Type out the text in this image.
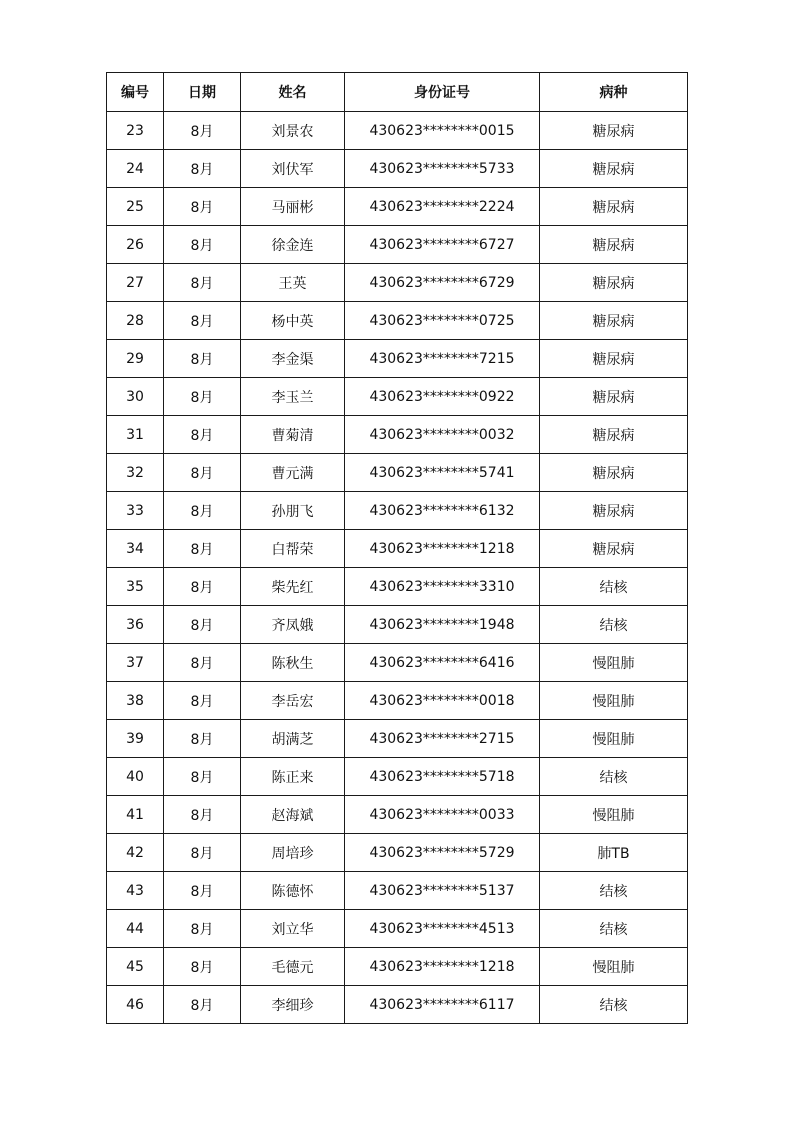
编号	日期	姓名	身份证号	病种
23	8月	刘景农	430623********0015	糖尿病
24	8月	刘伏军	430623********5733	糖尿病
25	8月	马丽彬	430623********2224	糖尿病
26	8月	徐金连	430623********6727	糖尿病
27	8月	王英	430623********6729	糖尿病
28	8月	杨中英	430623********0725	糖尿病
29	8月	李金渠	430623********7215	糖尿病
30	8月	李玉兰	430623********0922	糖尿病
31	8月	曹菊清	430623********0032	糖尿病
32	8月	曹元满	430623********5741	糖尿病
33	8月	孙朋飞	430623********6132	糖尿病
34	8月	白帮荣	430623********1218	糖尿病
35	8月	柴先红	430623********3310	结核
36	8月	齐凤娥	430623********1948	结核
37	8月	陈秋生	430623********6416	慢阻肺
38	8月	李岳宏	430623********0018	慢阻肺
39	8月	胡满芝	430623********2715	慢阻肺
40	8月	陈正来	430623********5718	结核
41	8月	赵海斌	430623********0033	慢阻肺
42	8月	周培珍	430623********5729	肺TB
43	8月	陈德怀	430623********5137	结核
44	8月	刘立华	430623********4513	结核
45	8月	毛德元	430623********1218	慢阻肺
46	8月	李细珍	430623********6117	结核
